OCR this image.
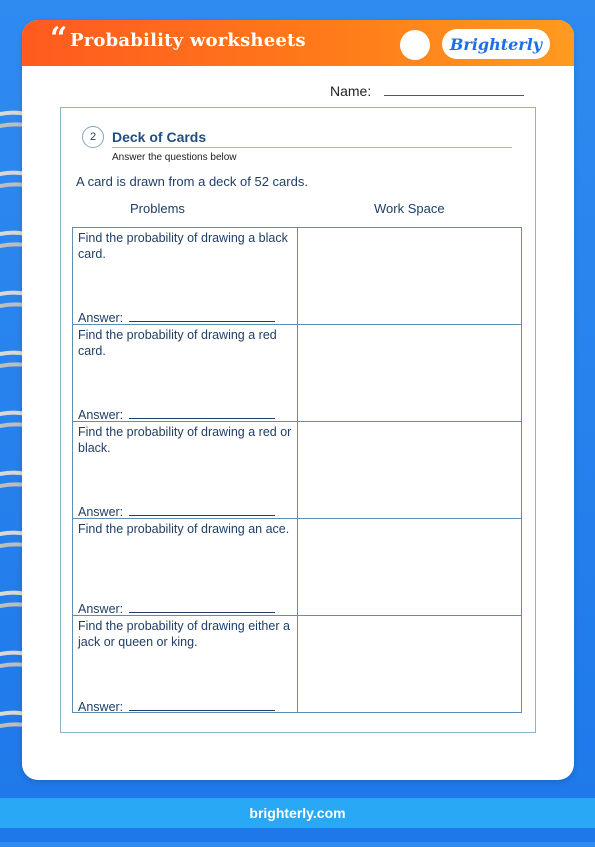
“ Probability worksheets	Brighterly
Name:
2	Deck of Cards
Answer the questions below
A card is drawn from a deck of 52 cards.
Problems	Work Space
Find the probability of drawing a black card.
Answer:
Find the probability of drawing a red card.
Answer:
Find the probability of drawing a red or black.
Answer:
Find the probability of drawing an ace.
Answer:
Find the probability of drawing either a jack or queen or king.
Answer:
brighterly.com
